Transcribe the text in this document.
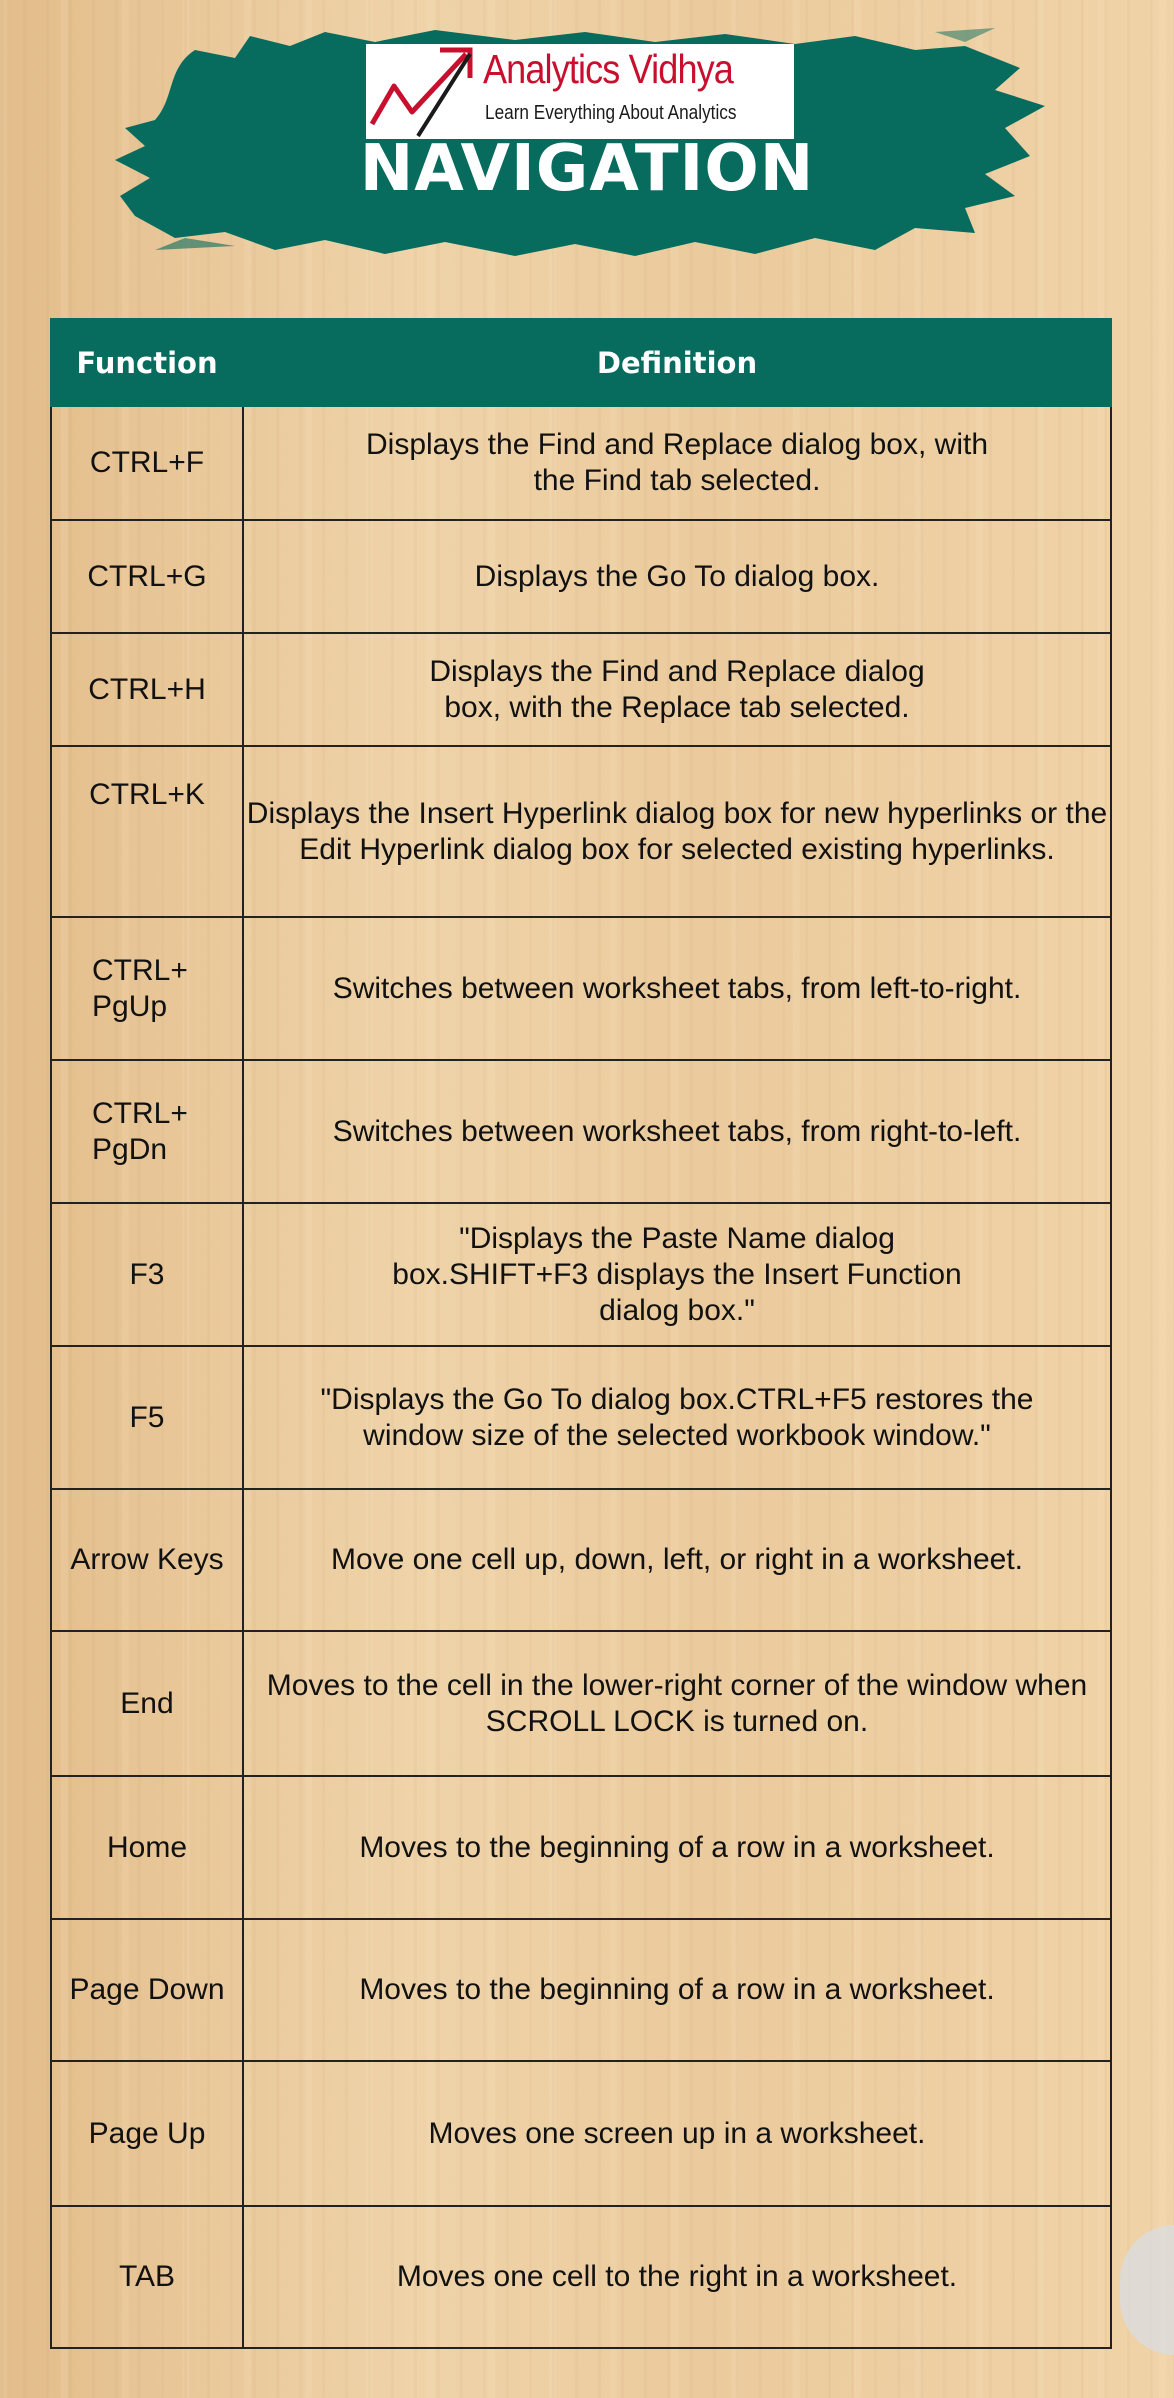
Analytics Vidhya
Learn Everything About Analytics
NAVIGATION
Function	Definition
CTRL+F	Displays the Find and Replace dialog box, with the Find tab selected.
CTRL+G	Displays the Go To dialog box.
CTRL+H	Displays the Find and Replace dialog box, with the Replace tab selected.
CTRL+K	Displays the Insert Hyperlink dialog box for new hyperlinks or the Edit Hyperlink dialog box for selected existing hyperlinks.
CTRL+ PgUp	Switches between worksheet tabs, from left-to-right.
CTRL+ PgDn	Switches between worksheet tabs, from right-to-left.
F3	"Displays the Paste Name dialog box.SHIFT+F3 displays the Insert Function dialog box."
F5	"Displays the Go To dialog box.CTRL+F5 restores the window size of the selected workbook window."
Arrow Keys	Move one cell up, down, left, or right in a worksheet.
End	Moves to the cell in the lower-right corner of the window when SCROLL LOCK is turned on.
Home	Moves to the beginning of a row in a worksheet.
Page Down	Moves to the beginning of a row in a worksheet.
Page Up	Moves one screen up in a worksheet.
TAB	Moves one cell to the right in a worksheet.
